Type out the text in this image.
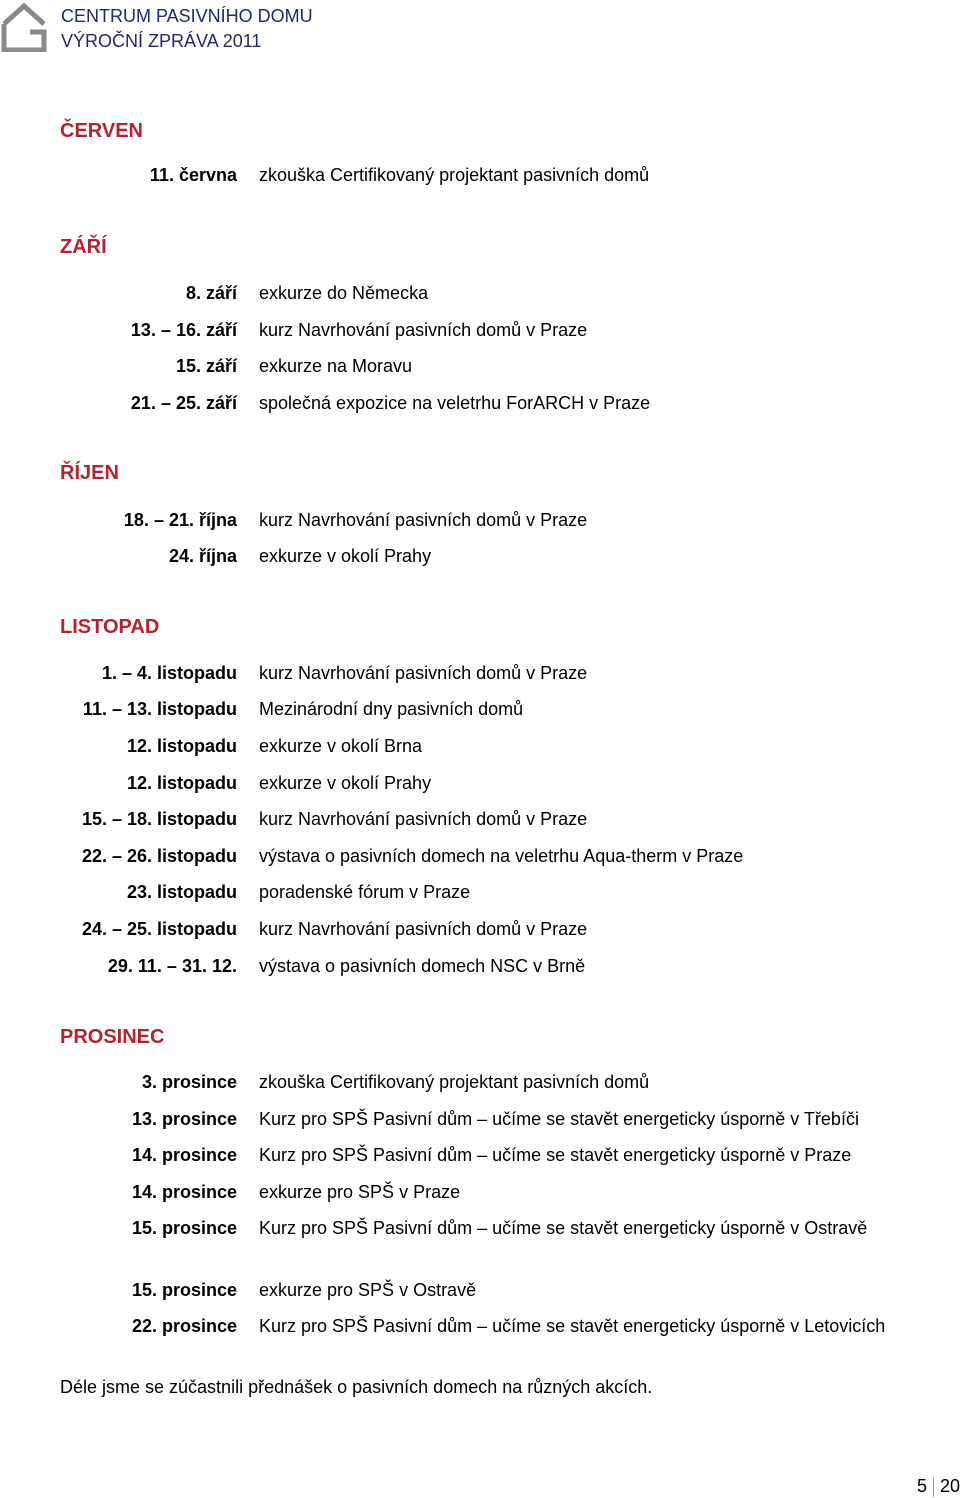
CENTRUM PASIVNÍHO DOMU
VÝROČNÍ ZPRÁVA 2011
ČERVEN
11. června zkouška Certifikovaný projektant pasivních domů
ZÁŘÍ
8. září exkurze do Německa
13. – 16. září kurz Navrhování pasivních domů v Praze
15. září exkurze na Moravu
21. – 25. září společná expozice na veletrhu ForARCH v Praze
ŘÍJEN
18. – 21. října kurz Navrhování pasivních domů v Praze
24. října exkurze v okolí Prahy
LISTOPAD
1. – 4. listopadu kurz Navrhování pasivních domů v Praze
11. – 13. listopadu Mezinárodní dny pasivních domů
12. listopadu exkurze v okolí Brna
12. listopadu exkurze v okolí Prahy
15. – 18. listopadu kurz Navrhování pasivních domů v Praze
22. – 26. listopadu výstava o pasivních domech na veletrhu Aqua-therm v Praze
23. listopadu poradenské fórum v Praze
24. – 25. listopadu kurz Navrhování pasivních domů v Praze
29. 11. – 31. 12. výstava o pasivních domech NSC v Brně
PROSINEC
3. prosince zkouška Certifikovaný projektant pasivních domů
13. prosince Kurz pro SPŠ Pasivní dům – učíme se stavět energeticky úsporně v Třebíči
14. prosince Kurz pro SPŠ Pasivní dům – učíme se stavět energeticky úsporně v Praze
14. prosince exkurze pro SPŠ v Praze
15. prosince Kurz pro SPŠ Pasivní dům – učíme se stavět energeticky úsporně v Ostravě
15. prosince exkurze pro SPŠ v Ostravě
22. prosince Kurz pro SPŠ Pasivní dům – učíme se stavět energeticky úsporně v Letovicích
Déle jsme se zúčastnili přednášek o pasivních domech na různých akcích.
5 20
